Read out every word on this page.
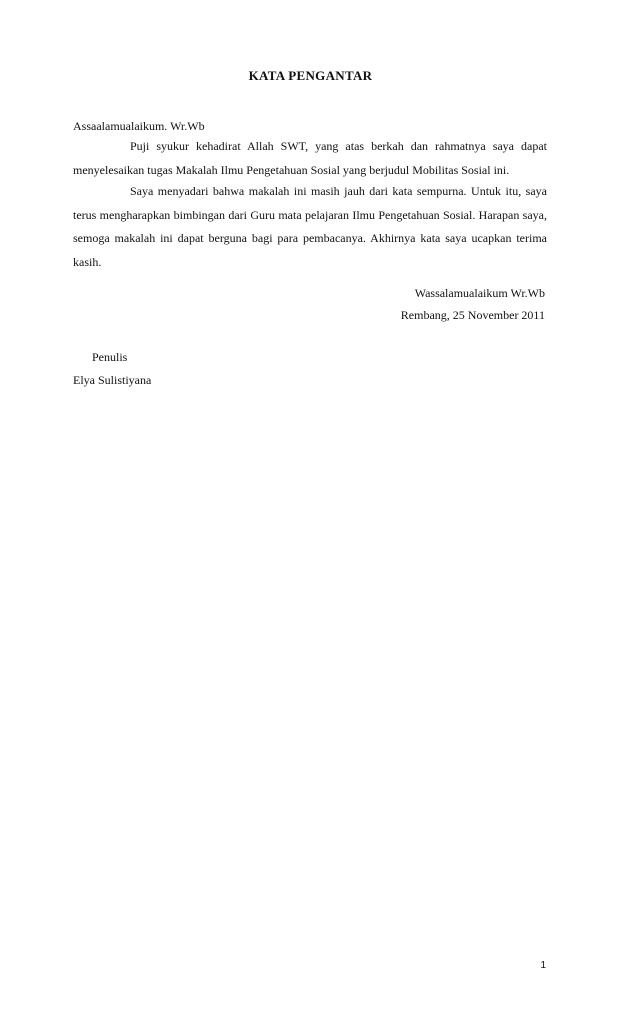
KATA PENGANTAR
Assaalamualaikum. Wr.Wb

Puji syukur kehadirat Allah SWT, yang atas berkah dan rahmatnya saya dapat menyelesaikan tugas Makalah Ilmu Pengetahuan Sosial yang berjudul Mobilitas Sosial ini.

Saya menyadari bahwa makalah ini masih jauh dari kata sempurna. Untuk itu, saya terus mengharapkan bimbingan dari Guru mata pelajaran Ilmu Pengetahuan Sosial. Harapan saya, semoga makalah ini dapat berguna bagi para pembacanya. Akhirnya kata saya ucapkan terima kasih.

Wassalamualaikum Wr.Wb
Rembang, 25 November 2011
Penulis
Elya Sulistiyana
1
